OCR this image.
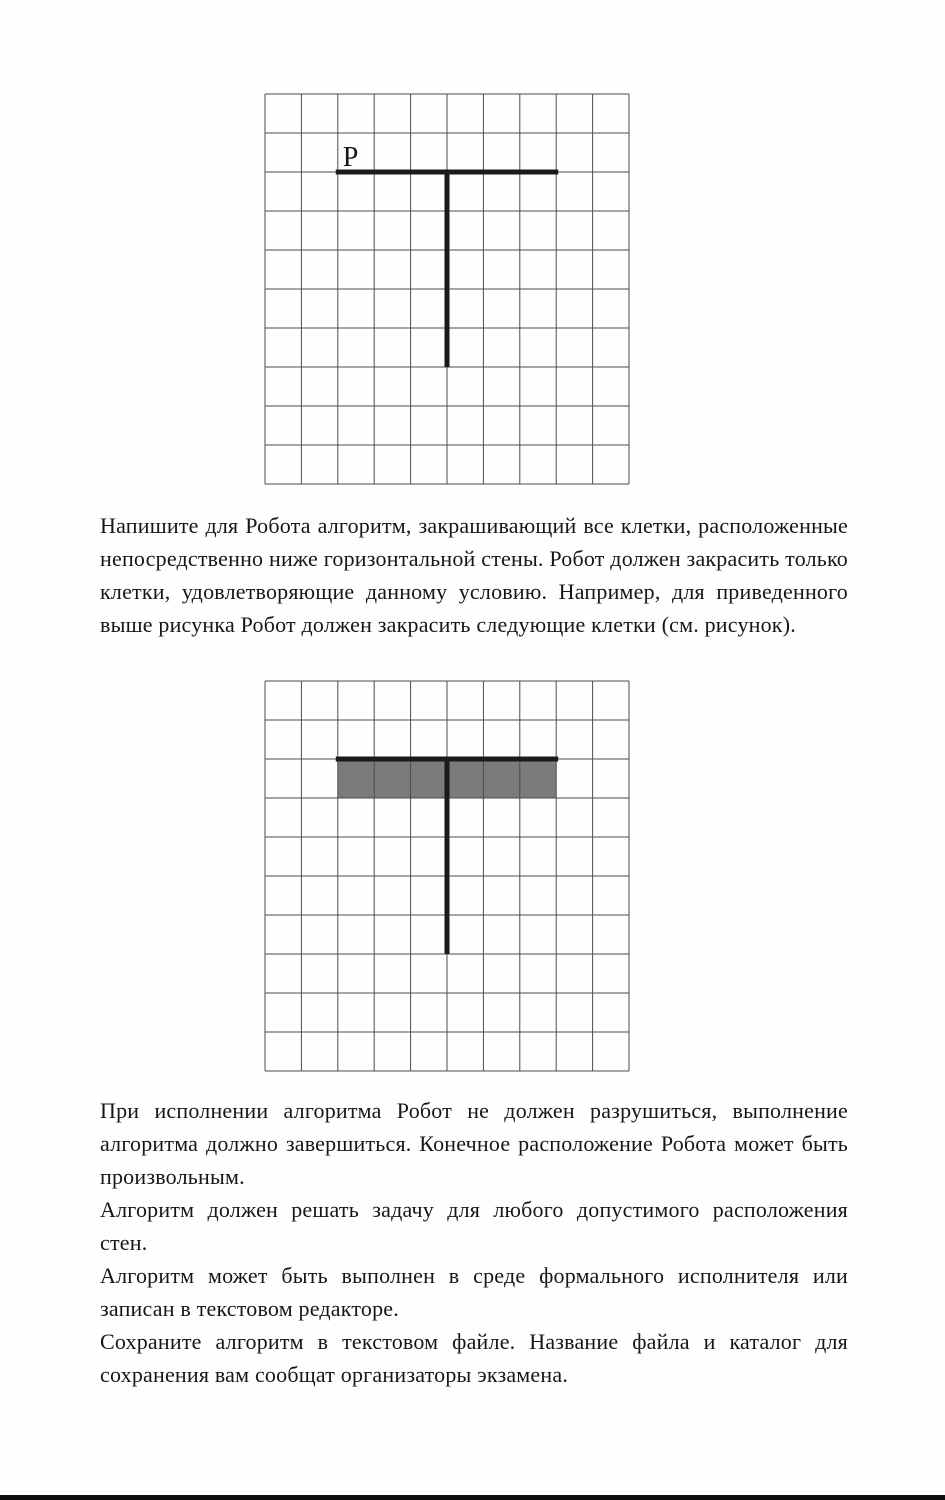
Р

Напишите для Робота алгоритм, закрашивающий все клетки, расположенные непосредственно ниже горизонтальной стены. Робот должен закрасить только клетки, удовлетворяющие данному условию. Например, для приведенного выше рисунка Робот должен закрасить следующие клетки (см. рисунок).

При исполнении алгоритма Робот не должен разрушиться, выполнение алгоритма должно завершиться. Конечное расположение Робота может быть произвольным.

Алгоритм должен решать задачу для любого допустимого расположения стен.

Алгоритм может быть выполнен в среде формального исполнителя или записан в текстовом редакторе.

Сохраните алгоритм в текстовом файле. Название файла и каталог для сохранения вам сообщат организаторы экзамена.
